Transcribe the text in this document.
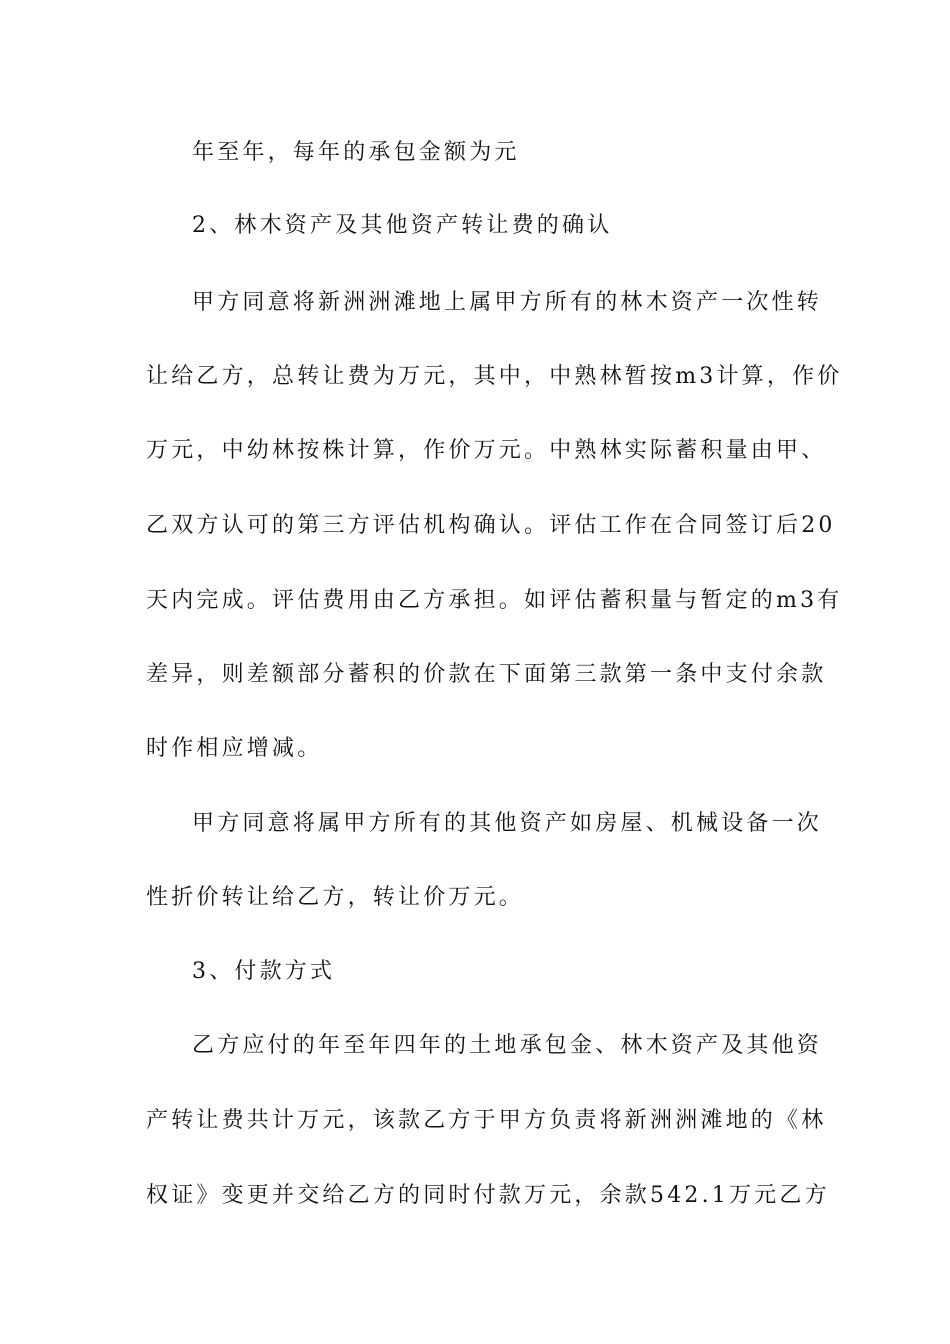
年至年，每年的承包金额为元
2、林木资产及其他资产转让费的确认
甲方同意将新洲洲滩地上属甲方所有的林木资产一次性转
让给乙方，总转让费为万元，其中，中熟林暂按m3计算，作价
万元，中幼林按株计算，作价万元。中熟林实际蓄积量由甲、
乙双方认可的第三方评估机构确认。评估工作在合同签订后20
天内完成。评估费用由乙方承担。如评估蓄积量与暂定的m3有
差异，则差额部分蓄积的价款在下面第三款第一条中支付余款
时作相应增减。
甲方同意将属甲方所有的其他资产如房屋、机械设备一次
性折价转让给乙方，转让价万元。
3、付款方式
乙方应付的年至年四年的土地承包金、林木资产及其他资
产转让费共计万元，该款乙方于甲方负责将新洲洲滩地的《林
权证》变更并交给乙方的同时付款万元，余款542.1万元乙方
